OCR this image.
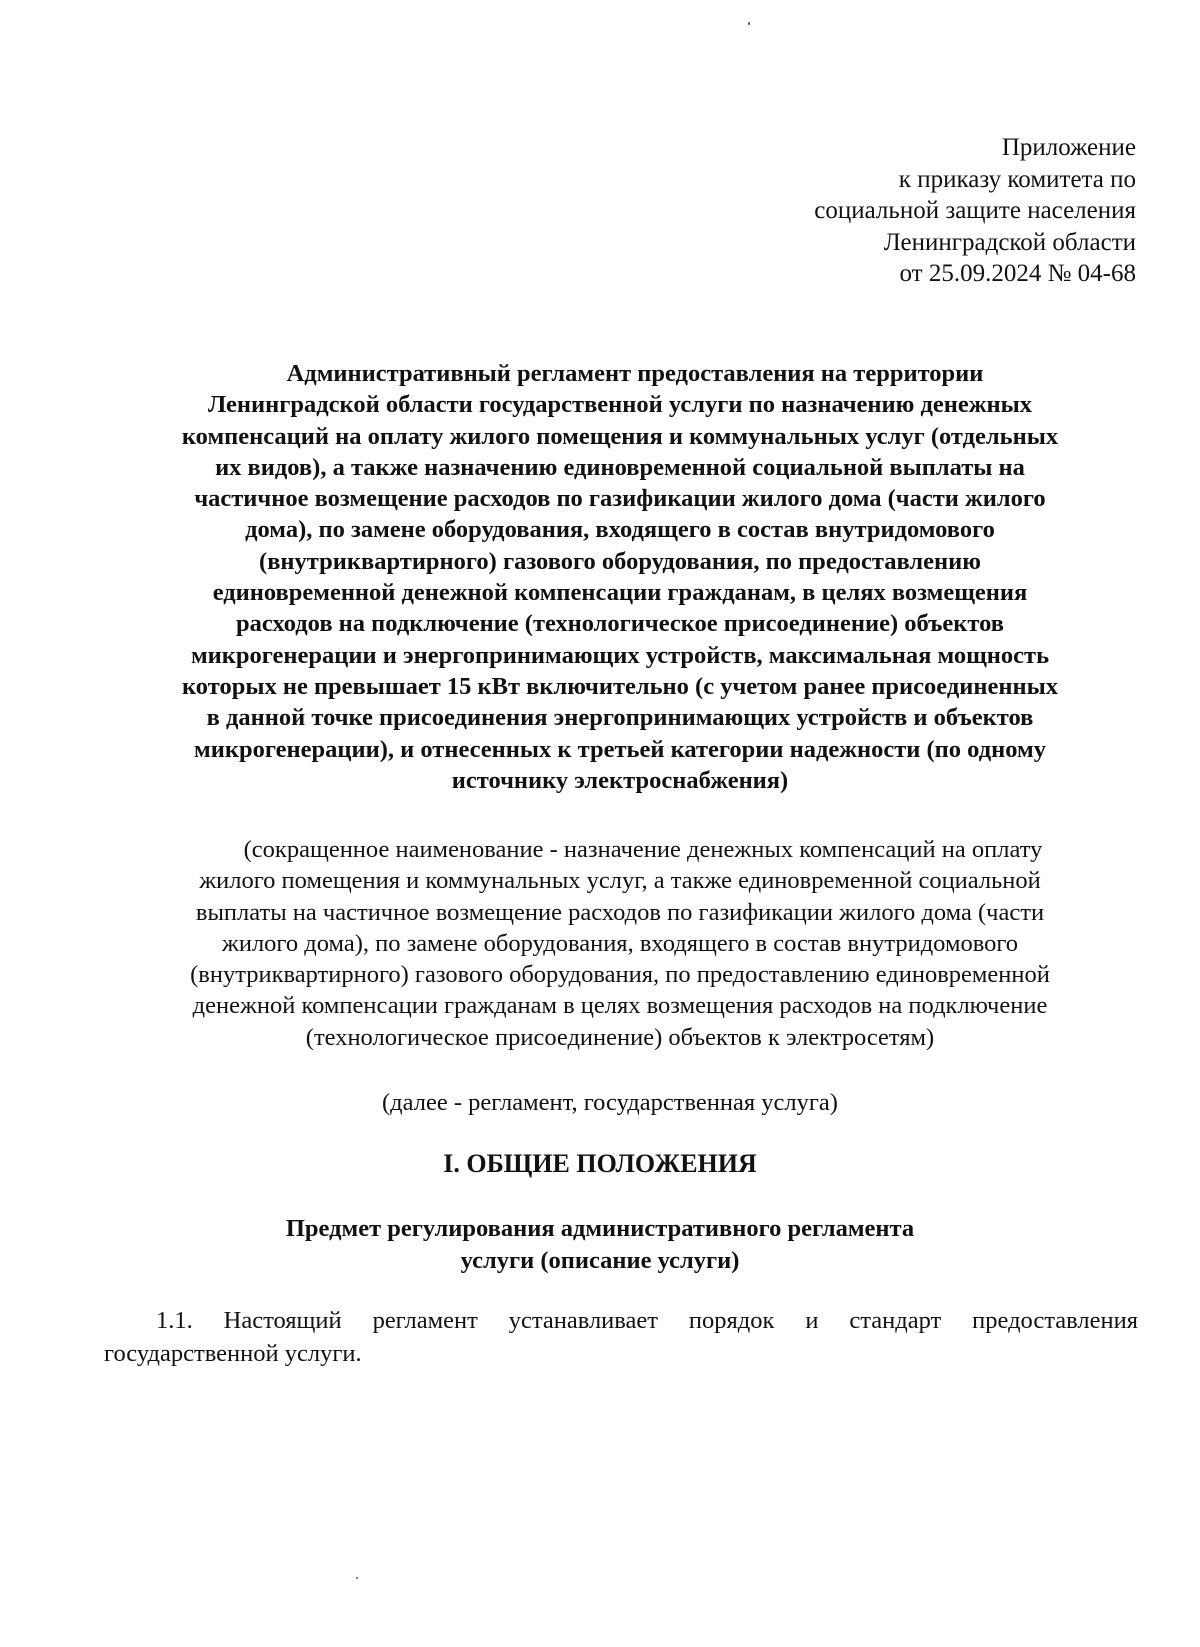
Приложение
к приказу комитета по
социальной защите населения
Ленинградской области
от 25.09.2024 № 04-68
Административный регламент предоставления на территории
Ленинградской области государственной услуги по назначению денежных
компенсаций на оплату жилого помещения и коммунальных услуг (отдельных
их видов), а также назначению единовременной социальной выплаты на
частичное возмещение расходов по газификации жилого дома (части жилого
дома), по замене оборудования, входящего в состав внутридомового
(внутриквартирного) газового оборудования, по предоставлению
единовременной денежной компенсации гражданам, в целях возмещения
расходов на подключение (технологическое присоединение) объектов
микрогенерации и энергопринимающих устройств, максимальная мощность
которых не превышает 15 кВт включительно (с учетом ранее присоединенных
в данной точке присоединения энергопринимающих устройств и объектов
микрогенерации), и отнесенных к третьей категории надежности (по одному
источнику электроснабжения)
(сокращенное наименование - назначение денежных компенсаций на оплату
жилого помещения и коммунальных услуг, а также единовременной социальной
выплаты на частичное возмещение расходов по газификации жилого дома (части
жилого дома), по замене оборудования, входящего в состав внутридомового
(внутриквартирного) газового оборудования, по предоставлению единовременной
денежной компенсации гражданам в целях возмещения расходов на подключение
(технологическое присоединение) объектов к электросетям)
(далее - регламент, государственная услуга)
I. ОБЩИЕ ПОЛОЖЕНИЯ
Предмет регулирования административного регламента
услуги (описание услуги)
1.1. Настоящий регламент устанавливает порядок и стандарт предоставления
государственной услуги.
